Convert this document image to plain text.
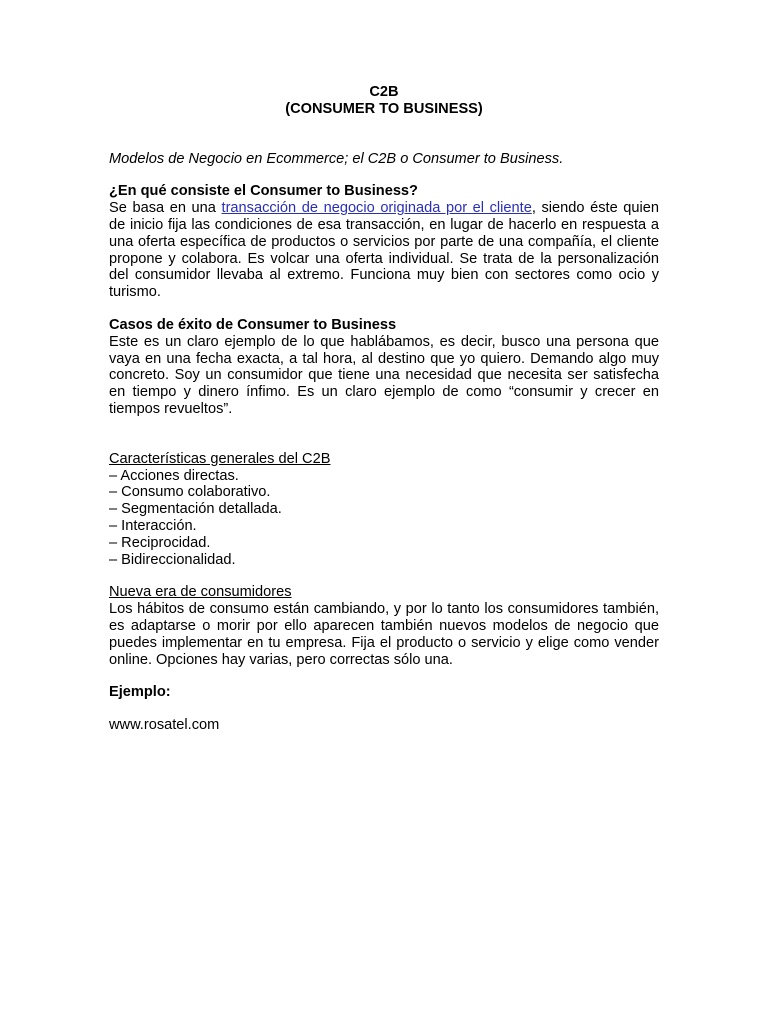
C2B

(CONSUMER TO BUSINESS)

Modelos de Negocio en Ecommerce; el C2B o Consumer to Business.

¿En qué consiste el Consumer to Business?

Se basa en una transacción de negocio originada por el cliente, siendo éste quien de inicio fija las condiciones de esa transacción, en lugar de hacerlo en respuesta a una oferta específica de productos o servicios por parte de una compañía, el cliente propone y colabora. Es volcar una oferta individual. Se trata de la personalización del consumidor llevaba al extremo. Funciona muy bien con sectores como ocio y turismo.

Casos de éxito de Consumer to Business

Este es un claro ejemplo de lo que hablábamos, es decir, busco una persona que vaya en una fecha exacta, a tal hora, al destino que yo quiero. Demando algo muy concreto. Soy un consumidor que tiene una necesidad que necesita ser satisfecha en tiempo y dinero ínfimo. Es un claro ejemplo de como “consumir y crecer en tiempos revueltos”.

Características generales del C2B

– Acciones directas.
– Consumo colaborativo.
– Segmentación detallada.
– Interacción.
– Reciprocidad.
– Bidireccionalidad.

Nueva era de consumidores

Los hábitos de consumo están cambiando, y por lo tanto los consumidores también, es adaptarse o morir por ello aparecen también nuevos modelos de negocio que puedes implementar en tu empresa. Fija el producto o servicio y elige como vender online. Opciones hay varias, pero correctas sólo una.

Ejemplo:

www.rosatel.com
